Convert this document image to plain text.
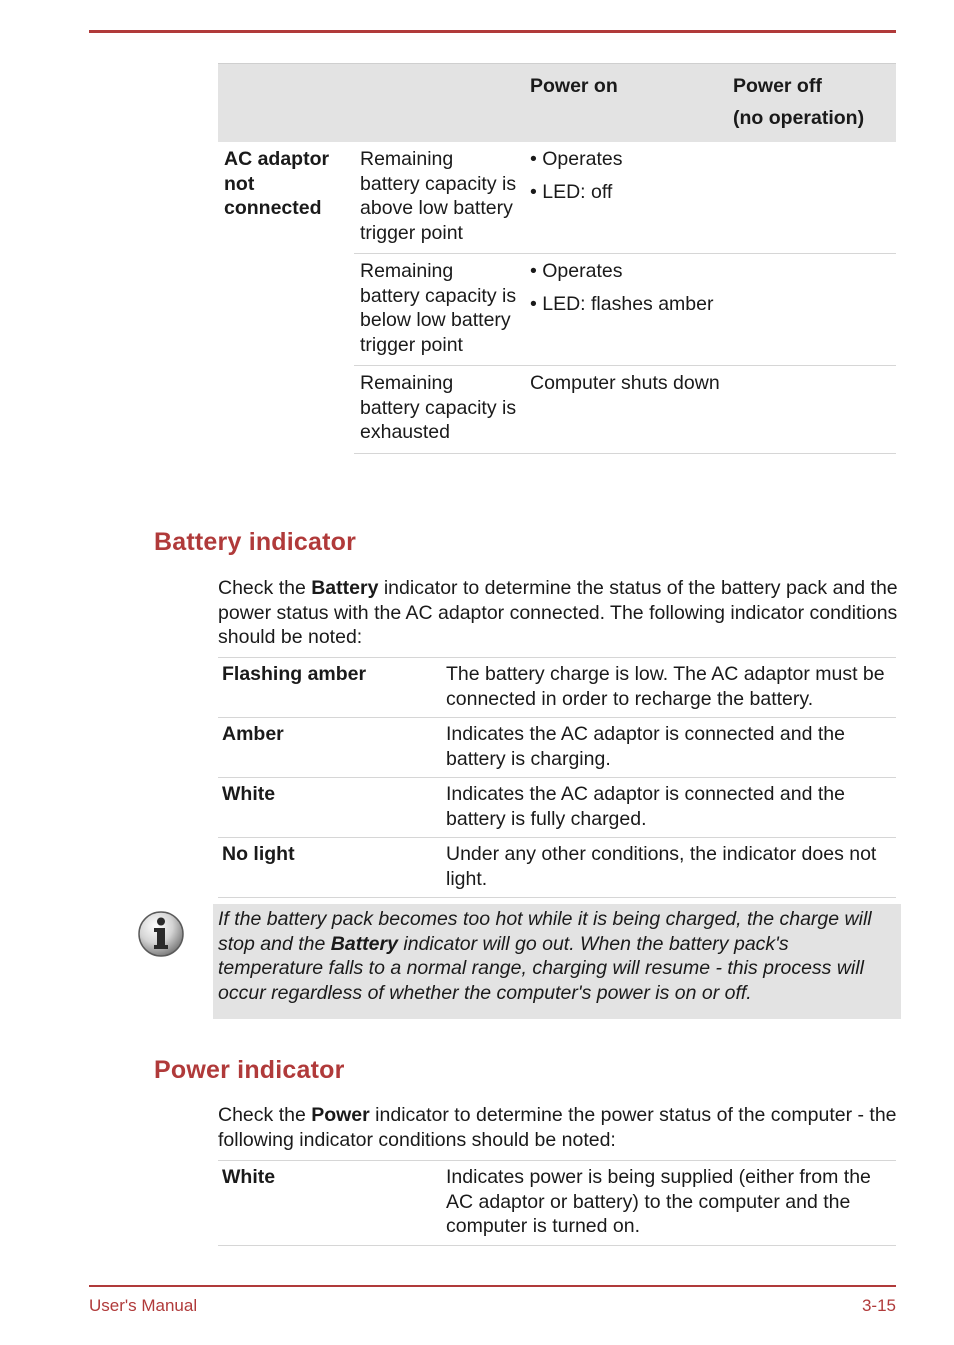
		Power on	Power off
(no operation)

AC adaptor not connected	Remaining battery capacity is above low battery trigger point	• Operates

• LED: off	

	Remaining battery capacity is below low battery trigger point	• Operates

• LED: flashes amber	

	Remaining battery capacity is exhausted	Computer shuts down	

Battery indicator
Check the Battery indicator to determine the status of the battery pack and the power status with the AC adaptor connected. The following indicator conditions should be noted:
Flashing amber	The battery charge is low. The AC adaptor must be connected in order to recharge the battery.
Amber	Indicates the AC adaptor is connected and the battery is charging.
White	Indicates the AC adaptor is connected and the battery is fully charged.
No light	Under any other conditions, the indicator does not light.
If the battery pack becomes too hot while it is being charged, the charge will stop and the Battery indicator will go out. When the battery pack's temperature falls to a normal range, charging will resume - this process will occur regardless of whether the computer's power is on or off.
Power indicator
Check the Power indicator to determine the power status of the computer - the following indicator conditions should be noted:
White	Indicates power is being supplied (either from the AC adaptor or battery) to the computer and the computer is turned on.
User's Manual	3-15
